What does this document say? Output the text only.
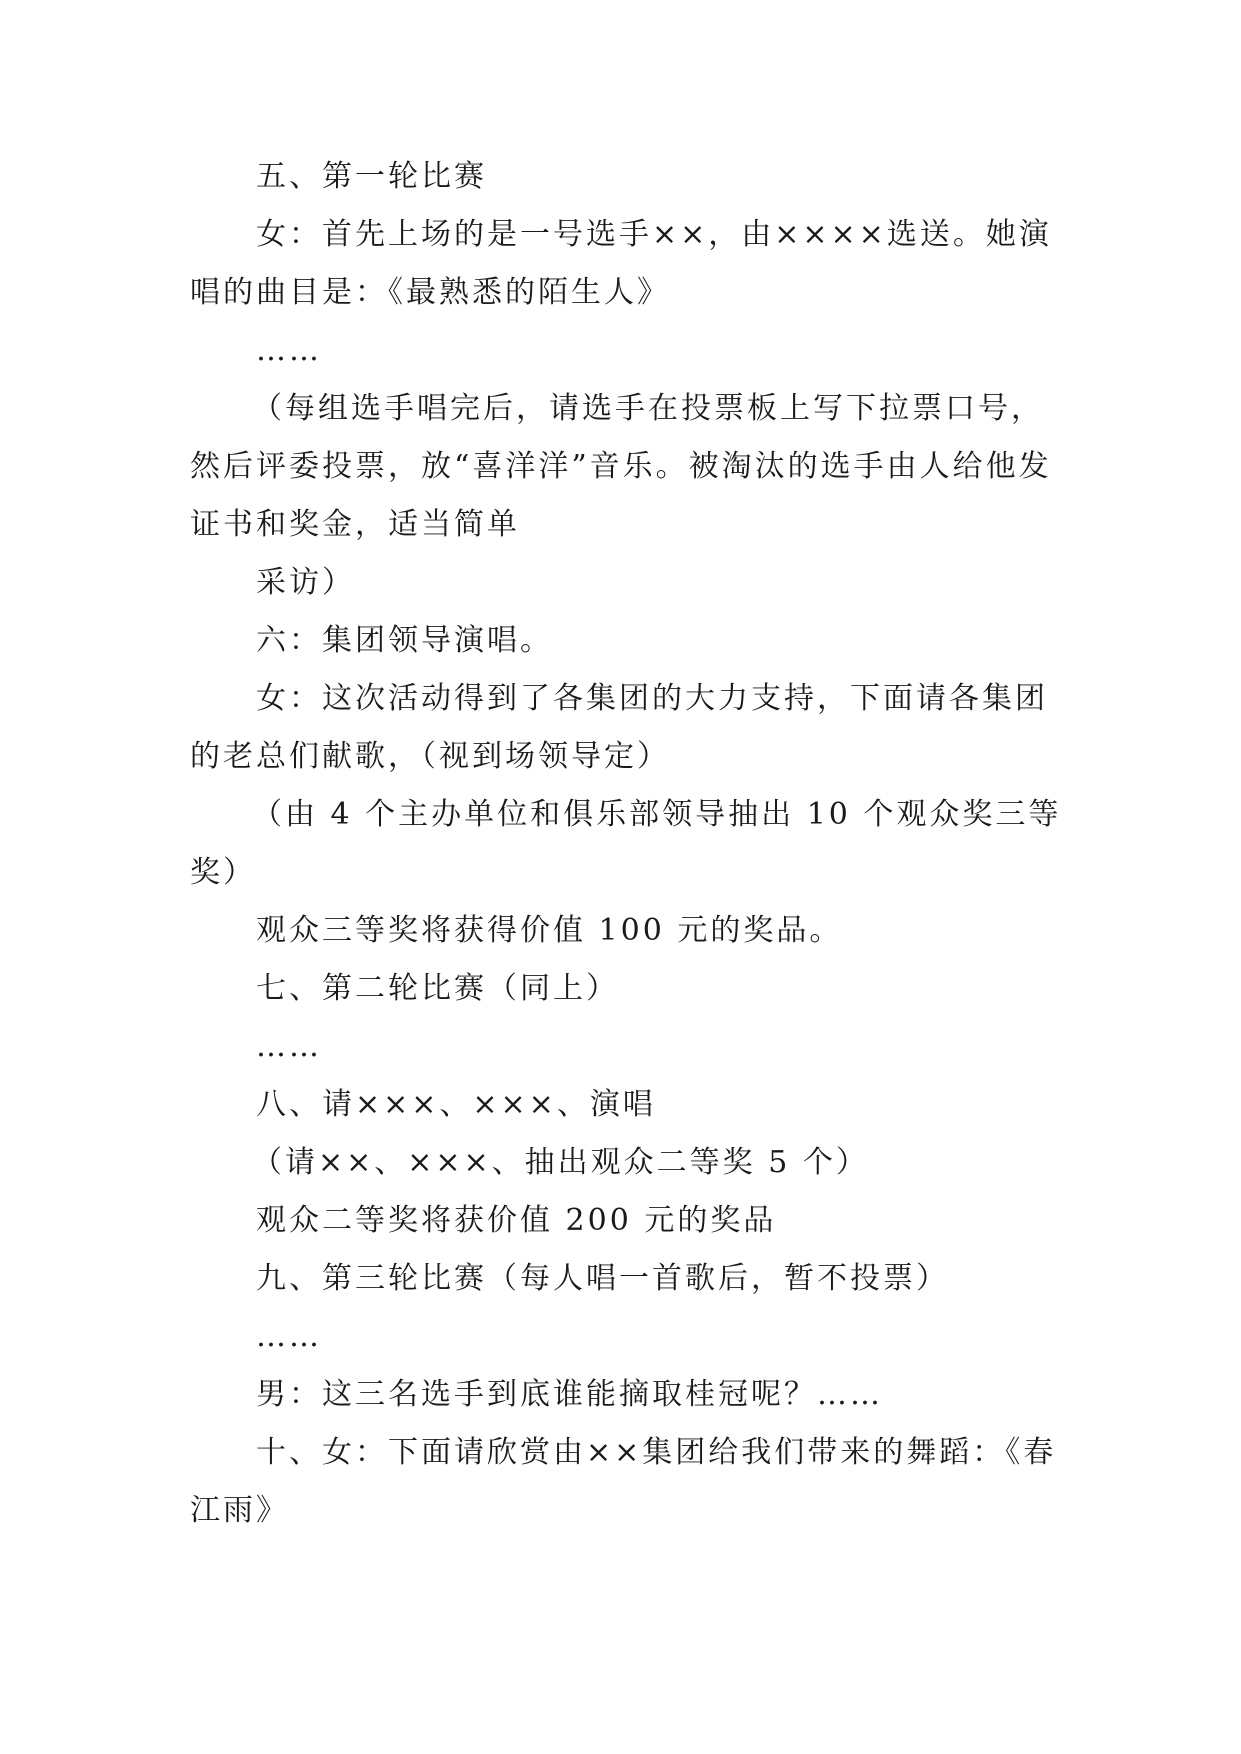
五、第一轮比赛

女：首先上场的是一号选手××，由××××选送。她演唱的曲目是：《最熟悉的陌生人》

……

（每组选手唱完后，请选手在投票板上写下拉票口号，然后评委投票，放“喜洋洋”音乐。被淘汰的选手由人给他发证书和奖金，适当简单

采访）

六：集团领导演唱。

女：这次活动得到了各集团的大力支持，下面请各集团的老总们献歌，（视到场领导定）

（由 4 个主办单位和俱乐部领导抽出 10 个观众奖三等奖）

观众三等奖将获得价值 100 元的奖品。

七、第二轮比赛（同上）

……

八、请×××、×××、演唱

（请××、×××、抽出观众二等奖 5 个）

观众二等奖将获价值 200 元的奖品

九、第三轮比赛（每人唱一首歌后，暂不投票）

……

男：这三名选手到底谁能摘取桂冠呢？……

十、女：下面请欣赏由××集团给我们带来的舞蹈：《春江雨》
